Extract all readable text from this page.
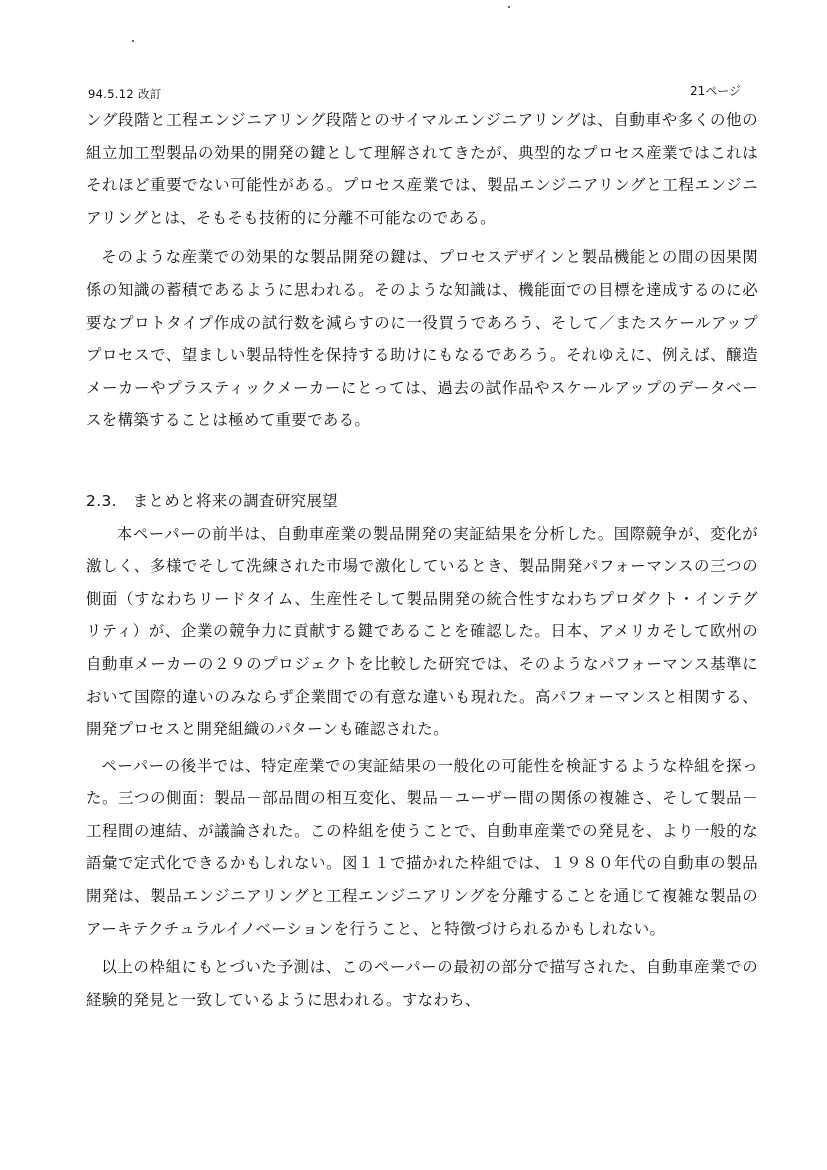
94.5.12 改訂	21ページ

ング段階と工程エンジニアリング段階とのサイマルエンジニアリングは、自動車や多くの他の組立加工型製品の効果的開発の鍵として理解されてきたが、典型的なプロセス産業ではこれはそれほど重要でない可能性がある。プロセス産業では、製品エンジニアリングと工程エンジニアリングとは、そもそも技術的に分離不可能なのである。

そのような産業での効果的な製品開発の鍵は、プロセスデザインと製品機能との間の因果関係の知識の蓄積であるように思われる。そのような知識は、機能面での目標を達成するのに必要なプロトタイプ作成の試行数を減らすのに一役買うであろう、そして／またスケールアッププロセスで、望ましい製品特性を保持する助けにもなるであろう。それゆえに、例えば、醸造メーカーやプラスティックメーカーにとっては、過去の試作品やスケールアップのデータベースを構築することは極めて重要である。

2.3.　まとめと将来の調査研究展望

本ペーパーの前半は、自動車産業の製品開発の実証結果を分析した。国際競争が、変化が激しく、多様でそして洗練された市場で激化しているとき、製品開発パフォーマンスの三つの側面（すなわちリードタイム、生産性そして製品開発の統合性すなわちプロダクト・インテグリティ）が、企業の競争力に貢献する鍵であることを確認した。日本、アメリカそして欧州の自動車メーカーの２９のプロジェクトを比較した研究では、そのようなパフォーマンス基準において国際的違いのみならず企業間での有意な違いも現れた。高パフォーマンスと相関する、開発プロセスと開発組織のパターンも確認された。

ペーパーの後半では、特定産業での実証結果の一般化の可能性を検証するような枠組を探った。三つの側面：製品－部品間の相互変化、製品－ユーザー間の関係の複雑さ、そして製品－工程間の連結、が議論された。この枠組を使うことで、自動車産業での発見を、より一般的な語彙で定式化できるかもしれない。図１１で描かれた枠組では、１９８０年代の自動車の製品開発は、製品エンジニアリングと工程エンジニアリングを分離することを通じて複雑な製品のアーキテクチュラルイノベーションを行うこと、と特徴づけられるかもしれない。

以上の枠組にもとづいた予測は、このペーパーの最初の部分で描写された、自動車産業での経験的発見と一致しているように思われる。すなわち、
